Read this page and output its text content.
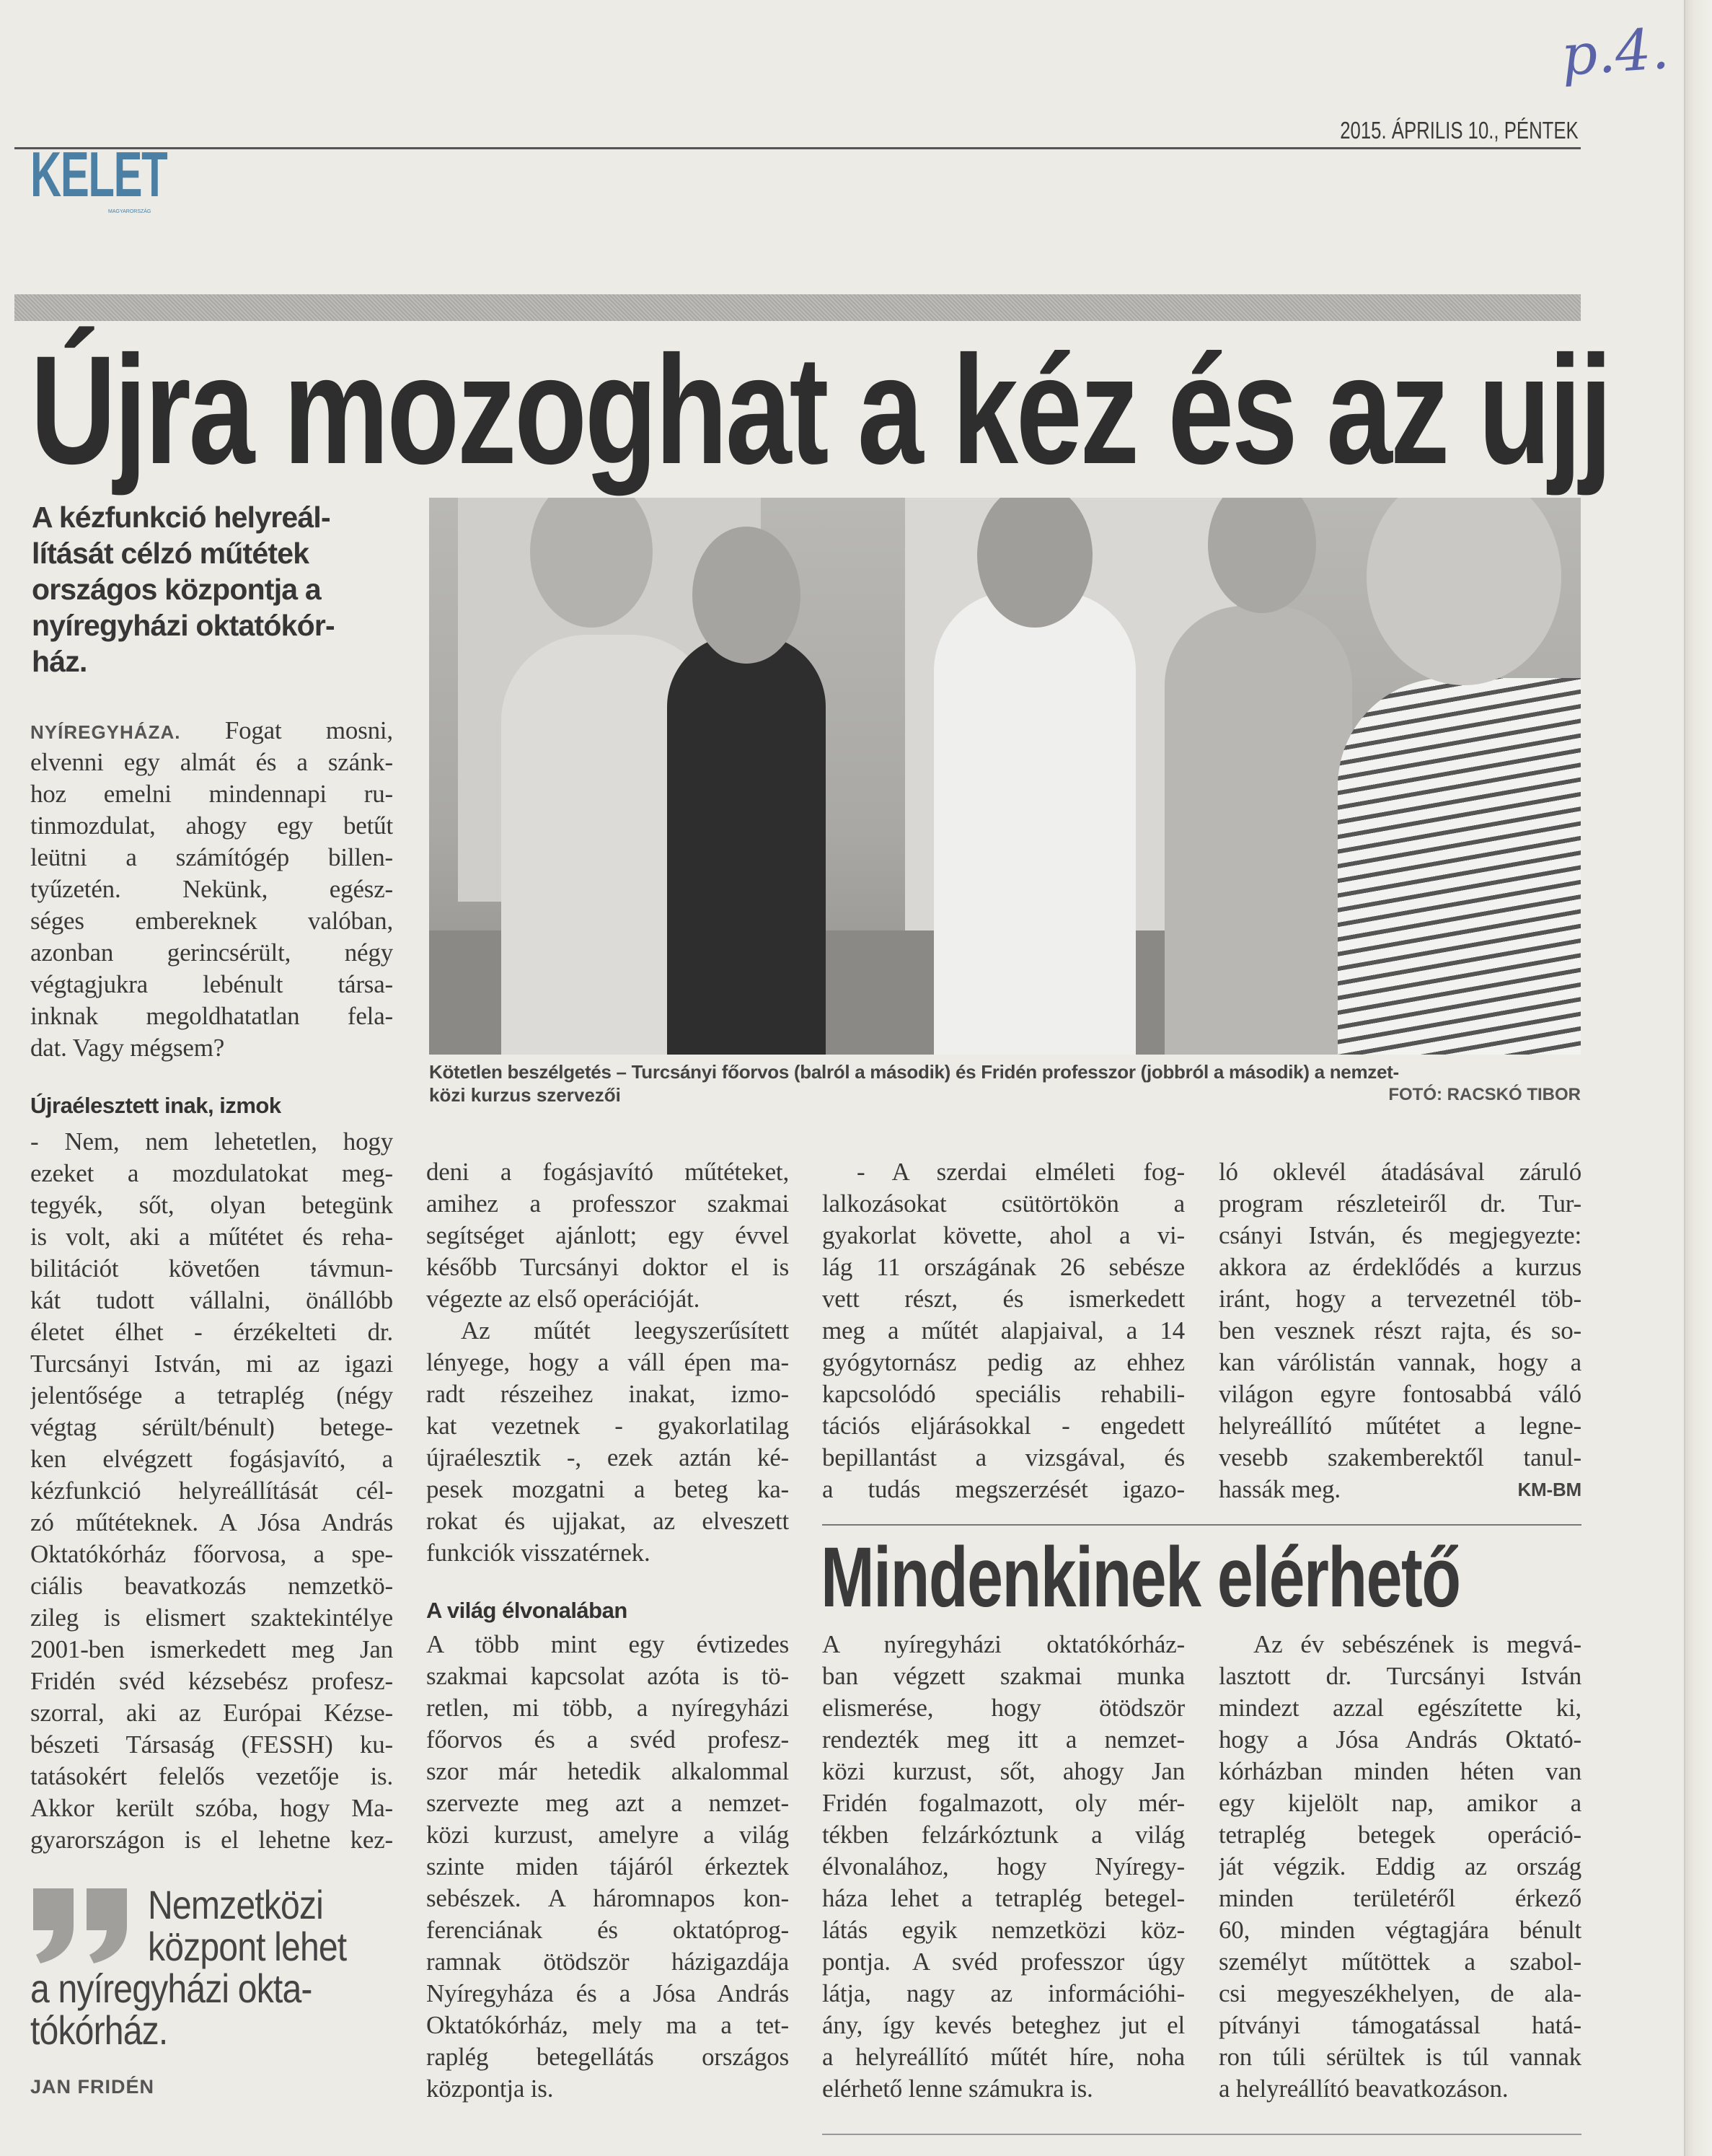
p.4.
2015. ÁPRILIS 10., PÉNTEK
KELET
MAGYARORSZÁG
Újra mozoghat a kéz és az ujj
Kötetlen beszélgetés – Turcsányi főorvos (balról a második) és Fridén professzor (jobbról a második) a nemzet-
közi kurzus szervezői	FOTÓ: RACSKÓ TIBOR
A kézfunkció helyreál-
lítását célzó műtétek
országos központja a
nyíregyházi oktatókór-
ház.
NYÍREGYHÁZA. Fogat mosni,
elvenni egy almát és a szánk-
hoz emelni mindennapi ru-
tinmozdulat, ahogy egy betűt
leütni a számítógép billen-
tyűzetén. Nekünk, egész-
séges embereknek valóban,
azonban gerincsérült, négy
végtagjukra lebénult társa-
inknak megoldhatatlan fela-
dat. Vagy mégsem?
Újraélesztett inak, izmok
- Nem, nem lehetetlen, hogy
ezeket a mozdulatokat meg-
tegyék, sőt, olyan betegünk
is volt, aki a műtétet és reha-
bilitációt követően távmun-
kát tudott vállalni, önállóbb
életet élhet - érzékelteti dr.
Turcsányi István, mi az igazi
jelentősége a tetraplég (négy
végtag sérült/bénult) betege-
ken elvégzett fogásjavító, a
kézfunkció helyreállítását cél-
zó műtéteknek. A Jósa András
Oktatókórház főorvosa, a spe-
ciális beavatkozás nemzetkö-
zileg is elismert szaktekintélye
2001-ben ismerkedett meg Jan
Fridén svéd kézsebész profesz-
szorral, aki az Európai Kézse-
bészeti Társaság (FESSH) ku-
tatásokért felelős vezetője is.
Akkor került szóba, hogy Ma-
gyarországon is el lehetne kez-
Nemzetközi
központ lehet
a nyíregyházi okta-
tókórház.
JAN FRIDÉN
deni a fogásjavító műtéteket,
amihez a professzor szakmai
segítséget ajánlott; egy évvel
később Turcsányi doktor el is
végezte az első operációját.
Az műtét leegyszerűsített
lényege, hogy a váll épen ma-
radt részeihez inakat, izmo-
kat vezetnek - gyakorlatilag
újraélesztik -, ezek aztán ké-
pesek mozgatni a beteg ka-
rokat és ujjakat, az elveszett
funkciók visszatérnek.
A világ élvonalában
A több mint egy évtizedes
szakmai kapcsolat azóta is tö-
retlen, mi több, a nyíregyházi
főorvos és a svéd profesz-
szor már hetedik alkalommal
szervezte meg azt a nemzet-
közi kurzust, amelyre a világ
szinte miden tájáról érkeztek
sebészek. A háromnapos kon-
ferenciának és oktatóprog-
ramnak ötödször házigazdája
Nyíregyháza és a Jósa András
Oktatókórház, mely ma a tet-
raplég betegellátás országos
központja is.
- A szerdai elméleti fog-
lalkozásokat csütörtökön a
gyakorlat követte, ahol a vi-
lág 11 országának 26 sebésze
vett részt, és ismerkedett
meg a műtét alapjaival, a 14
gyógytornász pedig az ehhez
kapcsolódó speciális rehabili-
tációs eljárásokkal - engedett
bepillantást a vizsgával, és
a tudás megszerzését igazo-
ló oklevél átadásával záruló
program részleteiről dr. Tur-
csányi István, és megjegyezte:
akkora az érdeklődés a kurzus
iránt, hogy a tervezetnél töb-
ben vesznek részt rajta, és so-
kan várólistán vannak, hogy a
világon egyre fontosabbá váló
helyreállító műtétet a legne-
vesebb szakemberektől tanul-
hassák meg.	KM-BM
Mindenkinek elérhető
A nyíregyházi oktatókórház-
ban végzett szakmai munka
elismerése, hogy ötödször
rendezték meg itt a nemzet-
közi kurzust, sőt, ahogy Jan
Fridén fogalmazott, oly mér-
tékben felzárkóztunk a világ
élvonalához, hogy Nyíregy-
háza lehet a tetraplég betegel-
látás egyik nemzetközi köz-
pontja. A svéd professzor úgy
látja, nagy az információhi-
ány, így kevés beteghez jut el
a helyreállító műtét híre, noha
elérhető lenne számukra is.
Az év sebészének is megvá-
lasztott dr. Turcsányi István
mindezt azzal egészítette ki,
hogy a Jósa András Oktató-
kórházban minden héten van
egy kijelölt nap, amikor a
tetraplég betegek operáció-
ját végzik. Eddig az ország
minden területéről érkező
60, minden végtagjára bénult
személyt műtöttek a szabol-
csi megyeszékhelyen, de ala-
pítványi támogatással hatá-
ron túli sérültek is túl vannak
a helyreállító beavatkozáson.
